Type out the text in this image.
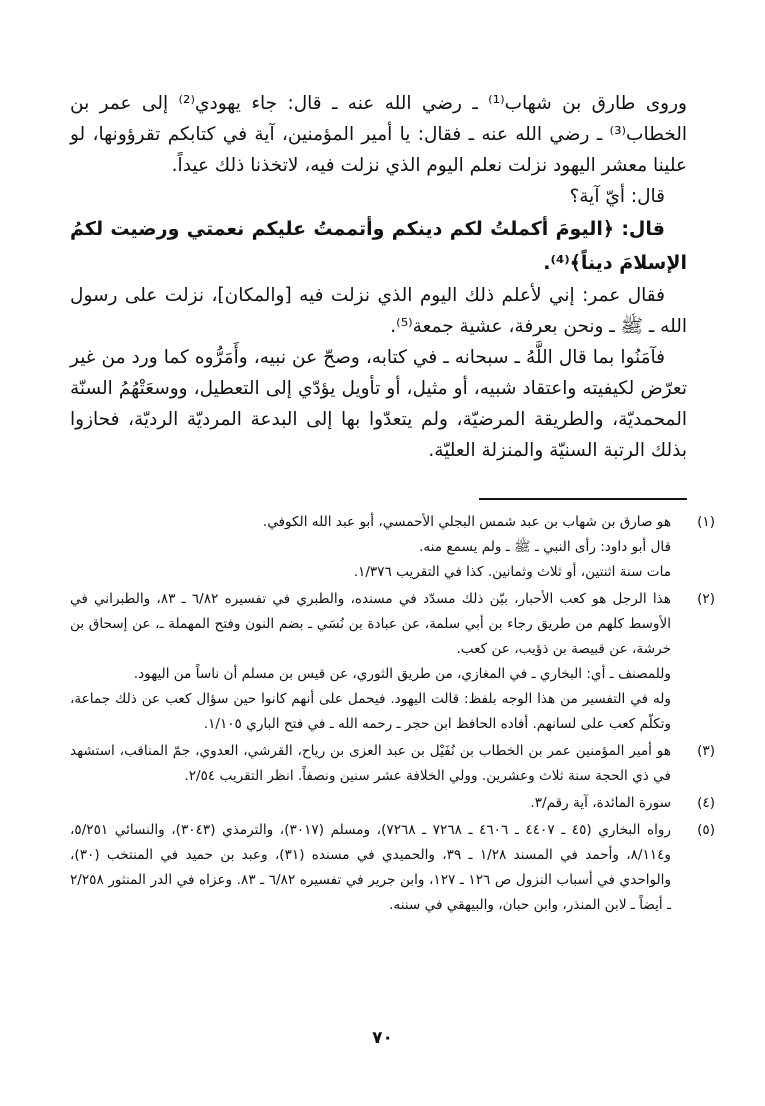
وروى طارق بن شهاب⁽¹⁾ ـ رضي الله عنه ـ قال: جاء يهودي⁽²⁾ إلى عمر بن الخطاب⁽³⁾ ـ رضي الله عنه ـ فقال: يا أمير المؤمنين، آية في كتابكم تقرؤونها، لو علينا معشر اليهود نزلت نعلم اليوم الذي نزلت فيه، لاتخذنا ذلك عيداً.

قال: أيّ آية؟

قال: ﴿اليومَ أكملتُ لكم دينكم وأتممتُ عليكم نعمتي ورضيت لكمُ الإسلامَ ديناً﴾⁽⁴⁾.

فقال عمر: إني لأعلم ذلك اليوم الذي نزلت فيه [والمكان]، نزلت على رسول الله ـ ﷺ ـ ونحن بعرفة، عشية جمعة⁽⁵⁾.

فآمَنُوا بما قال اللَّهُ ـ سبحانه ـ في كتابه، وصحّ عن نبيه، وأَمَرُّوه كما ورد من غير تعرّض لكيفيته واعتقاد شبيه، أو مثيل، أو تأويل يؤدّي إلى التعطيل، ووسعَتْهُمُ السنّة المحمديّة، والطريقة المرضيّة، ولم يتعدّوا بها إلى البدعة المرديّة الرديّة، فحازوا بذلك الرتبة السنيّة والمنزلة العليّة.

(١)

هو صارق بن شهاب بن عبد شمس البجلي الأحمسي، أبو عبد الله الكوفي.

قال أبو داود: رأى النبي ـ ﷺ ـ ولم يسمع منه.

مات سنة اثنتين، أو ثلاث وثمانين. كذا في التقريب ١/٣٧٦.

(٢)

هذا الرجل هو كعب الأحبار، بيّن ذلك مسدّد في مسنده، والطبري في تفسيره ٦/٨٢ ـ ٨٣، والطبراني في الأوسط كلهم من طريق رجاء بن أبي سلمة، عن عبادة بن نُسَي ـ بضم النون وفتح المهملة ـ، عن إسحاق بن خرشة، عن قبيصة بن ذؤيب، عن كعب.

وللمصنف ـ أي: البخاري ـ في المغازي، من طريق الثوري، عن قيس بن مسلم أن ناساً من اليهود.

وله في التفسير من هذا الوجه بلفظ: قالت اليهود. فيحمل على أنهم كانوا حين سؤال كعب عن ذلك جماعة، وتكلّم كعب على لسانهم. أفاده الحافظ ابن حجر ـ رحمه الله ـ في فتح الباري ١/١٠٥.

(٣)

هو أمير المؤمنين عمر بن الخطاب بن نُفَيْل بن عبد العزى بن رياح، القرشي، العدوي، جمّ المناقب، استشهد في ذي الحجة سنة ثلاث وعشرين. وولي الخلافة عشر سنين ونصفاً. انظر التقريب ٢/٥٤.

(٤)

سورة المائدة، آية رقم/٣.

(٥)

رواه البخاري (٤٥ ـ ٤٤٠٧ ـ ٤٦٠٦ ـ ٧٢٦٨ ـ ٧٢٦٨)، ومسلم (٣٠١٧)، والترمذي (٣٠٤٣)، والنسائي ٥/٢٥١، و٨/١١٤، وأحمد في المسند ١/٢٨ ـ ٣٩، والحميدي في مسنده (٣١)، وعبد بن حميد في المنتخب (٣٠)، والواحدي في أسباب النزول ص ١٢٦ ـ ١٢٧، وابن جرير في تفسيره ٦/٨٢ ـ ٨٣. وعزاه في الدر المنثور ٢/٢٥٨ ـ أيضاً ـ لابن المنذر، وابن حبان، والبيهقي في سننه.

٧٠
